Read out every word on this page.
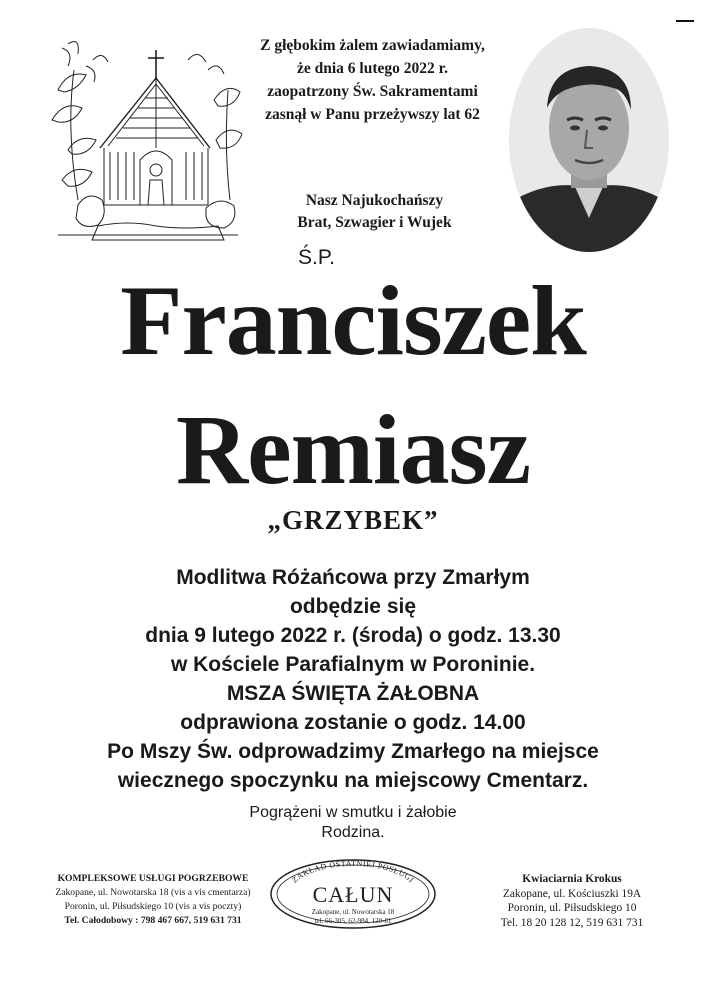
Z głębokim żalem zawiadamiamy,
że dnia 6 lutego 2022 r.
zaopatrzony Św. Sakramentami
zasnął w Panu przeżywszy lat 62
Nasz Najukochańszy
Brat, Szwagier i Wujek
Ś.P.
Franciszek
Remiasz
„GRZYBEK”
Modlitwa Różańcowa przy Zmarłym
odbędzie się
dnia 9 lutego 2022 r. (środa) o godz. 13.30
w Kościele Parafialnym w Poroninie.
MSZA ŚWIĘTA ŻAŁOBNA
odprawiona zostanie o godz. 14.00
Po Mszy Św. odprowadzimy Zmarłego na miejsce
wiecznego spoczynku na miejscowy Cmentarz.
Pogrążeni w smutku i żałobie
Rodzina.
KOMPLEKSOWE USŁUGI POGRZEBOWE
Zakopane, ul. Nowotarska 18 (vis a vis cmentarza)
Poronin, ul. Piłsudskiego 10 (vis a vis poczty)
Tel. Całodobowy : 798 467 667, 519 631 731
ZAKŁAD OSTATNIEJ POSŁUGI
CAŁUN
Zakopane, ul. Nowotarska 18
tel. 66-305, 62-984, 120-81
Kwiaciarnia Krokus
Zakopane, ul. Kościuszki 19A
Poronin, ul. Piłsudskiego 10
Tel. 18 20 128 12, 519 631 731
